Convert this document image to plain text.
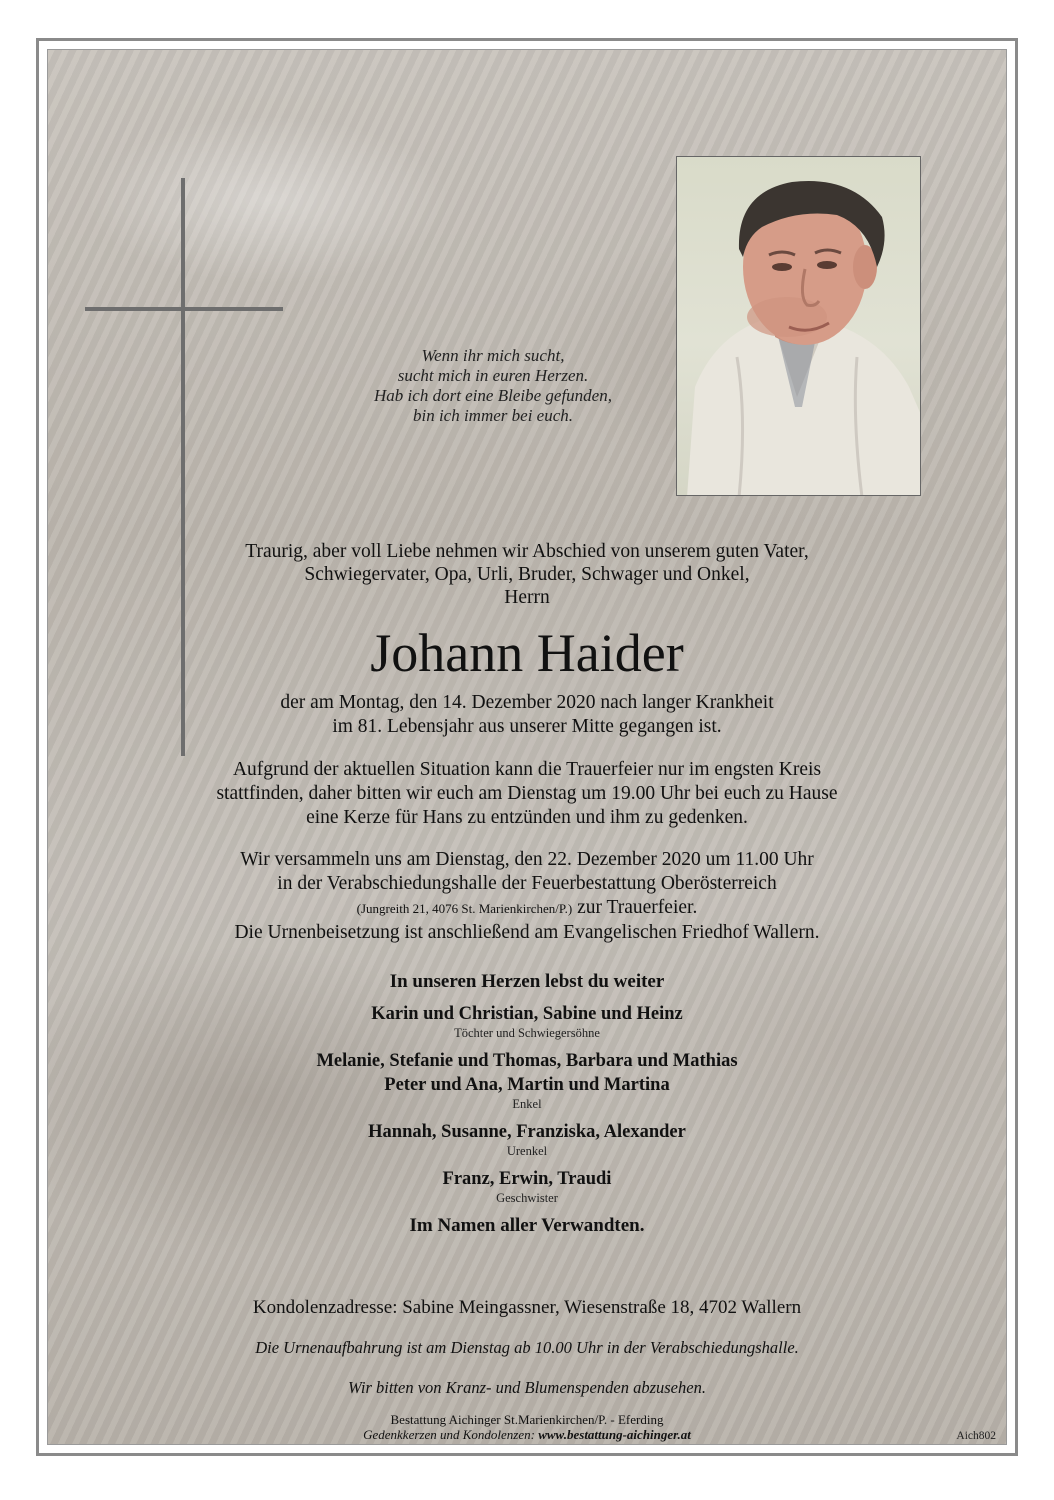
Wenn ihr mich sucht,
sucht mich in euren Herzen.
Hab ich dort eine Bleibe gefunden,
bin ich immer bei euch.
Traurig, aber voll Liebe nehmen wir Abschied von unserem guten Vater,
Schwiegervater, Opa, Urli, Bruder, Schwager und Onkel,
Herrn
Johann Haider
der am Montag, den 14. Dezember 2020 nach langer Krankheit
im 81. Lebensjahr aus unserer Mitte gegangen ist.
Aufgrund der aktuellen Situation kann die Trauerfeier nur im engsten Kreis
stattfinden, daher bitten wir euch am Dienstag um 19.00 Uhr bei euch zu Hause
eine Kerze für Hans zu entzünden und ihm zu gedenken.
Wir versammeln uns am Dienstag, den 22. Dezember 2020 um 11.00 Uhr
in der Verabschiedungshalle der Feuerbestattung Oberösterreich
(Jungreith 21, 4076 St. Marienkirchen/P.) zur Trauerfeier.
Die Urnenbeisetzung ist anschließend am Evangelischen Friedhof Wallern.
In unseren Herzen lebst du weiter
Karin und Christian, Sabine und Heinz
Töchter und Schwiegersöhne
Melanie, Stefanie und Thomas, Barbara und Mathias
Peter und Ana, Martin und Martina
Enkel
Hannah, Susanne, Franziska, Alexander
Urenkel
Franz, Erwin, Traudi
Geschwister
Im Namen aller Verwandten.
Kondolenzadresse: Sabine Meingassner, Wiesenstraße 18, 4702 Wallern
Die Urnenaufbahrung ist am Dienstag ab 10.00 Uhr in der Verabschiedungshalle.
Wir bitten von Kranz- und Blumenspenden abzusehen.
Bestattung Aichinger St.Marienkirchen/P. - Eferding
Gedenkkerzen und Kondolenzen: www.bestattung-aichinger.at	Aich802
